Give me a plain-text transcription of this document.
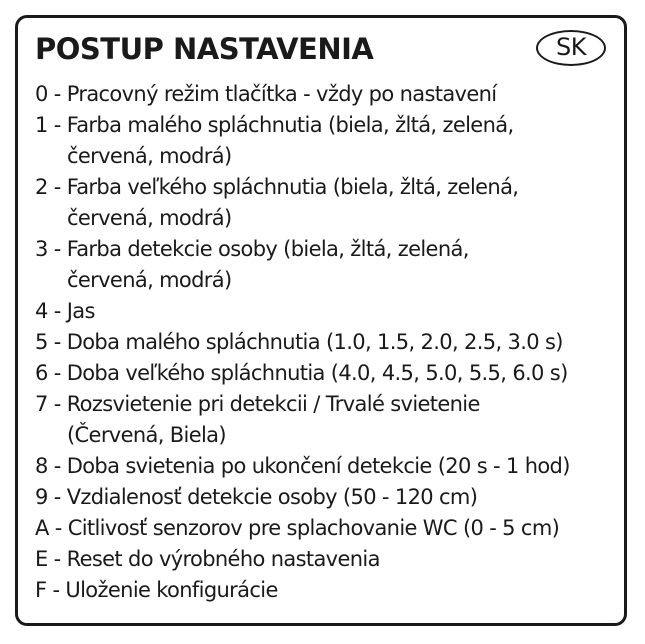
POSTUP NASTAVENIA	SK
0 - Pracovný režim tlačítka - vždy po nastavení
1 - Farba malého spláchnutia (biela, žltá, zelená,
červená, modrá)
2 - Farba veľkého spláchnutia (biela, žltá, zelená,
červená, modrá)
3 - Farba detekcie osoby (biela, žltá, zelená,
červená, modrá)
4 - Jas
5 - Doba malého spláchnutia (1.0, 1.5, 2.0, 2.5, 3.0 s)
6 - Doba veľkého spláchnutia (4.0, 4.5, 5.0, 5.5, 6.0 s)
7 - Rozsvietenie pri detekcii / Trvalé svietenie
(Červená, Biela)
8 - Doba svietenia po ukončení detekcie (20 s - 1 hod)
9 - Vzdialenosť detekcie osoby (50 - 120 cm)
A - Citlivosť senzorov pre splachovanie WC (0 - 5 cm)
E - Reset do výrobného nastavenia
F - Uloženie konfigurácie
